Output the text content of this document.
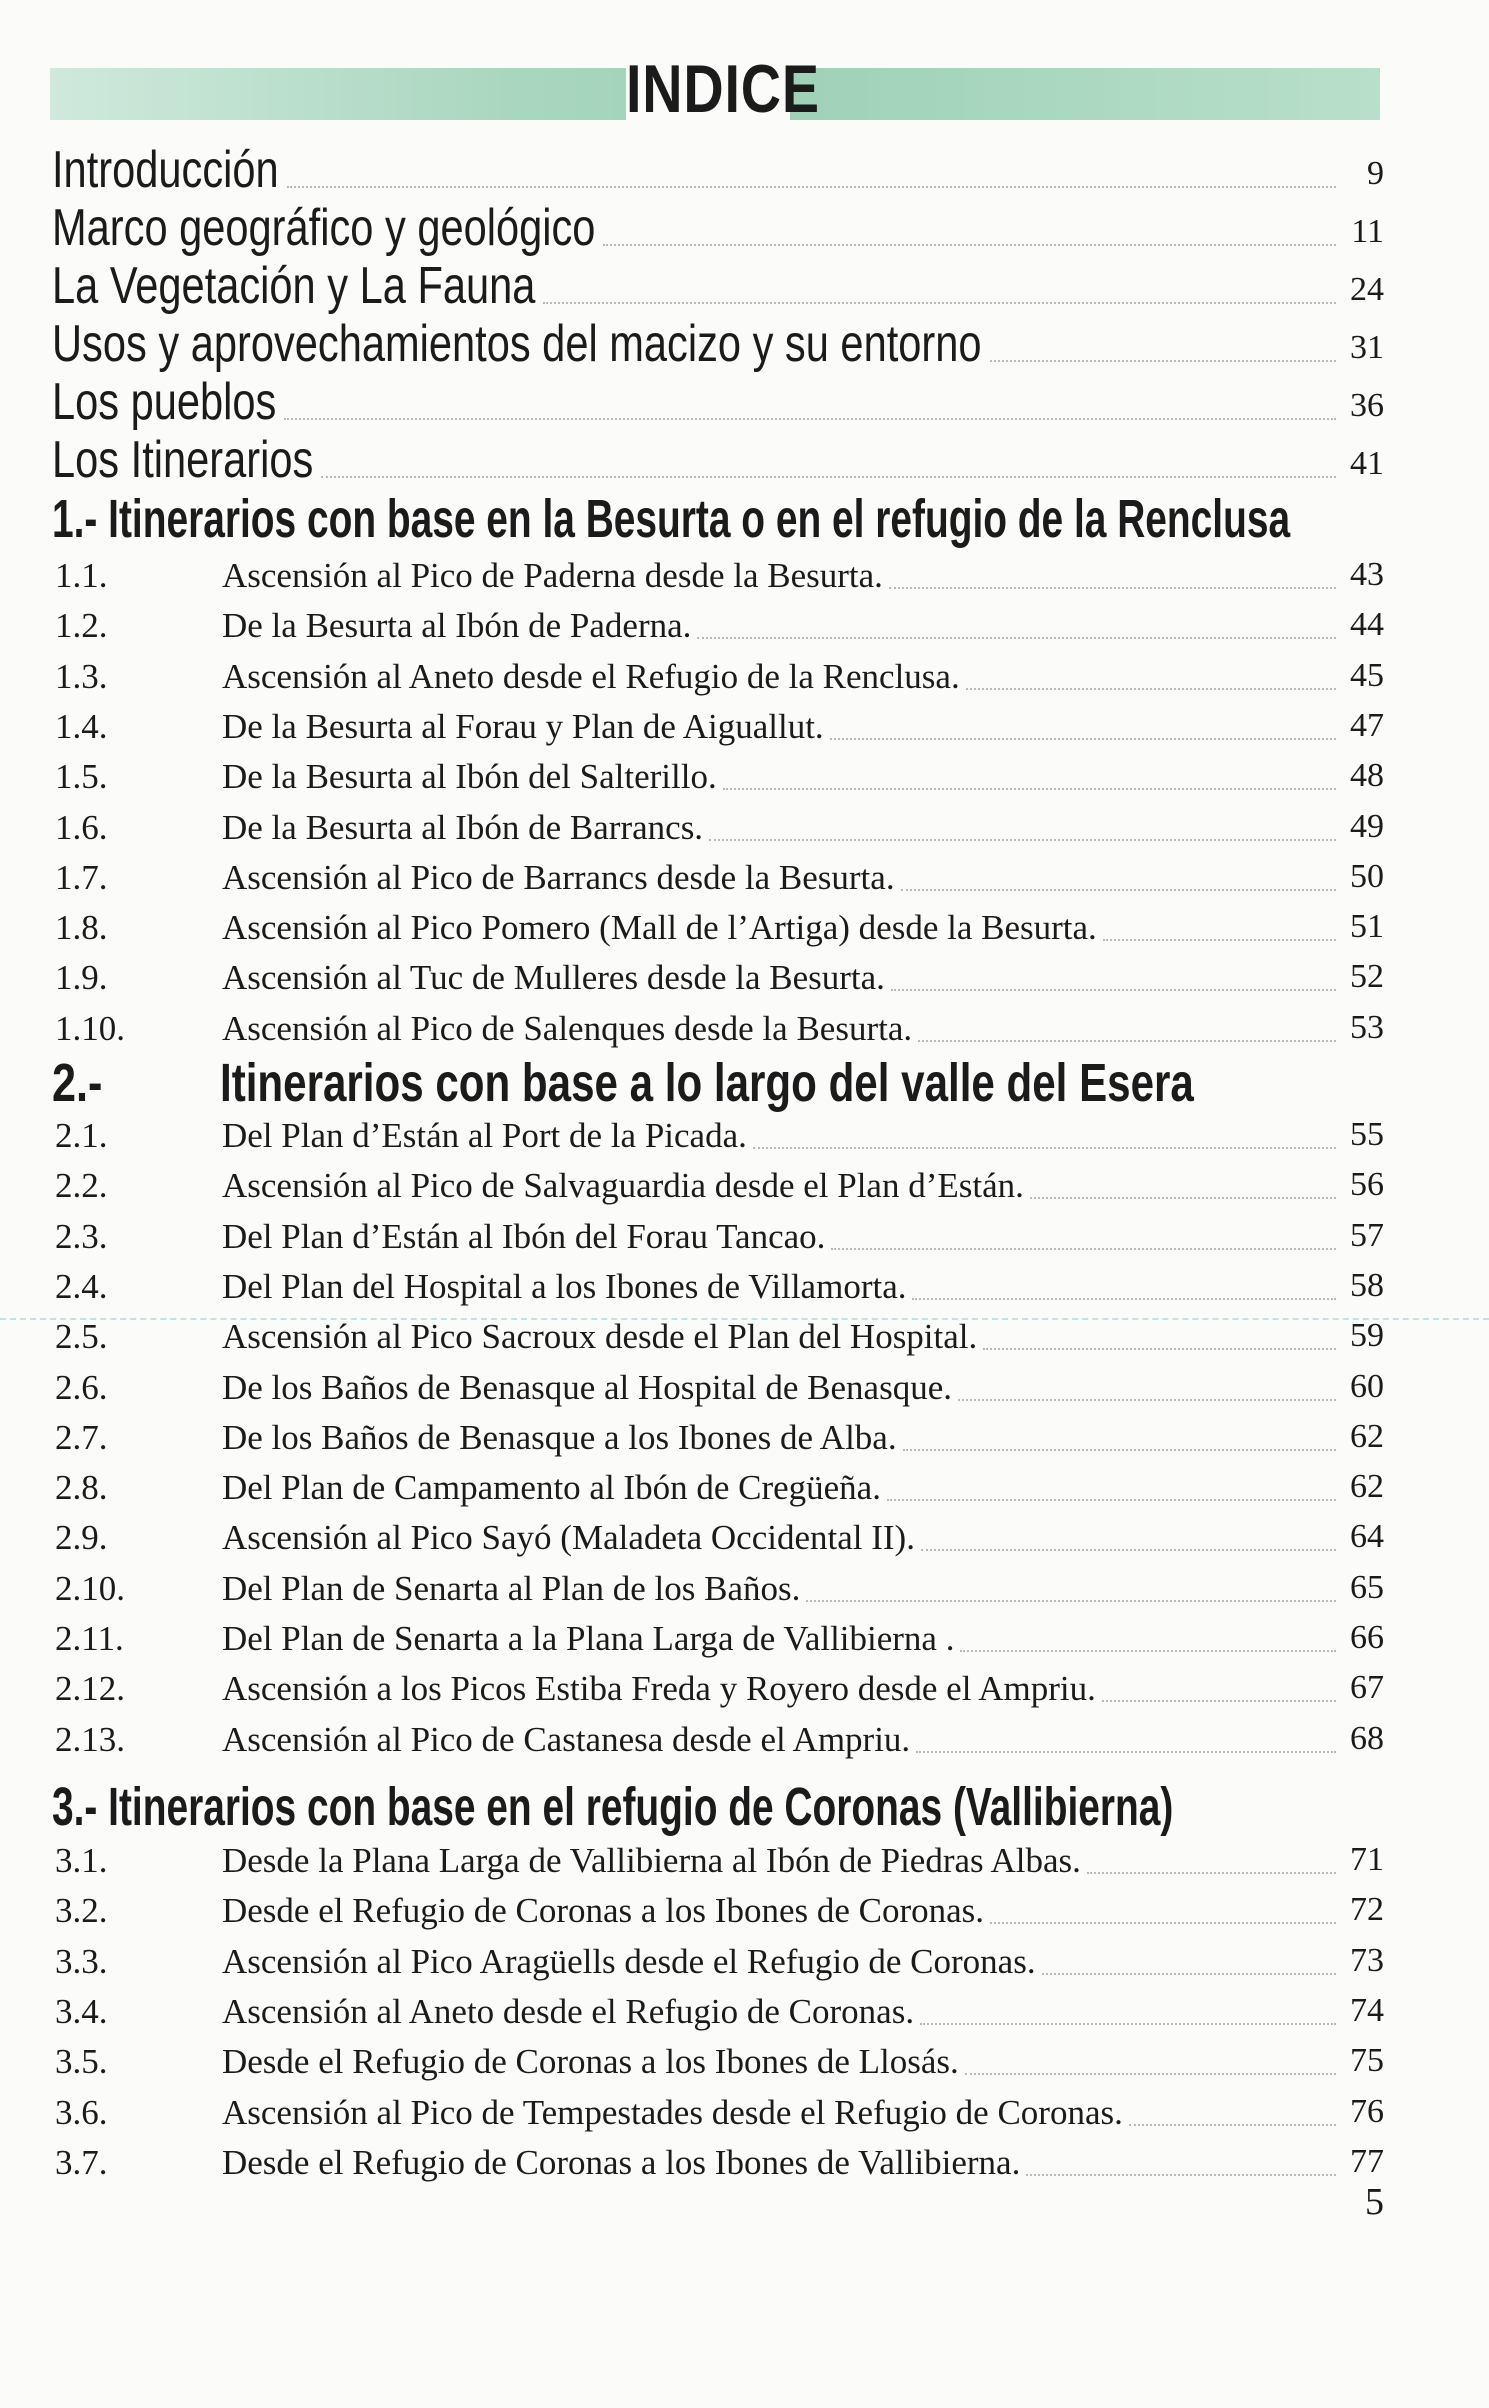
INDICE
Introducción	9
Marco geográfico y geológico	11
La Vegetación y La Fauna	24
Usos y aprovechamientos del macizo y su entorno	31
Los pueblos	36
Los Itinerarios	41
1.- Itinerarios con base en la Besurta o en el refugio de la Renclusa
1.1.	Ascensión al Pico de Paderna desde la Besurta.	43
1.2.	De la Besurta al Ibón de Paderna.	44
1.3.	Ascensión al Aneto desde el Refugio de la Renclusa.	45
1.4.	De la Besurta al Forau y Plan de Aiguallut.	47
1.5.	De la Besurta al Ibón del Salterillo.	48
1.6.	De la Besurta al Ibón de Barrancs.	49
1.7.	Ascensión al Pico de Barrancs desde la Besurta.	50
1.8.	Ascensión al Pico Pomero (Mall de l’Artiga) desde la Besurta.	51
1.9.	Ascensión al Tuc de Mulleres desde la Besurta.	52
1.10.	Ascensión al Pico de Salenques desde la Besurta.	53
2.- Itinerarios con base a lo largo del valle del Esera
2.1.	Del Plan d’Están al Port de la Picada.	55
2.2.	Ascensión al Pico de Salvaguardia desde el Plan d’Están.	56
2.3.	Del Plan d’Están al Ibón del Forau Tancao.	57
2.4.	Del Plan del Hospital a los Ibones de Villamorta.	58
2.5.	Ascensión al Pico Sacroux desde el Plan del Hospital.	59
2.6.	De los Baños de Benasque al Hospital de Benasque.	60
2.7.	De los Baños de Benasque a los Ibones de Alba.	62
2.8.	Del Plan de Campamento al Ibón de Cregüeña.	62
2.9.	Ascensión al Pico Sayó (Maladeta Occidental II).	64
2.10.	Del Plan de Senarta al Plan de los Baños.	65
2.11.	Del Plan de Senarta a la Plana Larga de Vallibierna .	66
2.12.	Ascensión a los Picos Estiba Freda y Royero desde el Ampriu.	67
2.13.	Ascensión al Pico de Castanesa desde el Ampriu.	68
3.- Itinerarios con base en el refugio de Coronas (Vallibierna)
3.1.	Desde la Plana Larga de Vallibierna al Ibón de Piedras Albas.	71
3.2.	Desde el Refugio de Coronas a los Ibones de Coronas.	72
3.3.	Ascensión al Pico Aragüells desde el Refugio de Coronas.	73
3.4.	Ascensión al Aneto desde el Refugio de Coronas.	74
3.5.	Desde el Refugio de Coronas a los Ibones de Llosás.	75
3.6.	Ascensión al Pico de Tempestades desde el Refugio de Coronas.	76
3.7.	Desde el Refugio de Coronas a los Ibones de Vallibierna.	77
5
